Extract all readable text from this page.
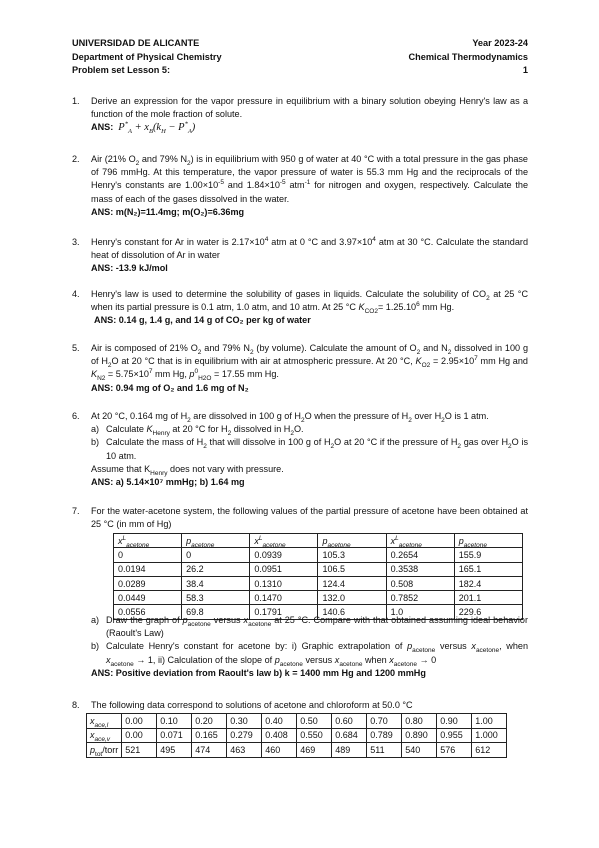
UNIVERSIDAD DE ALICANTE	Year 2023-24
Department of Physical Chemistry	Chemical Thermodynamics
Problem set Lesson 5:	1
1. Derive an expression for the vapor pressure in equilibrium with a binary solution obeying Henry's law as a function of the mole fraction of solute.
ANS: $P^*_A + x_B(k_H - P^*_A)$
2. Air (21% $O_2$ and 79% $N_2$) is in equilibrium with 950 g of water at 40 °C with a total pressure in the gas phase of 796 mmHg. At this temperature, the vapor pressure of water is 55.3 mm Hg and the reciprocals of the Henry's constants are $1.00\times 10^{-5}$ and $1.84\times 10^{-5}$ atm$^{-1}$ for nitrogen and oxygen, respectively. Calculate the mass of each of the gases dissolved in the water.
ANS: m(N₂)=11.4mg; m(O₂)=6.36mg
3. Henry's constant for Ar in water is $2.17\times 10^4$ atm at 0 °C and $3.97\times 10^4$ atm at 30 °C. Calculate the standard heat of dissolution of Ar in water
ANS: -13.9 kJ/mol
4. Henry's law is used to determine the solubility of gases in liquids. Calculate the solubility of $CO_2$ at 25 °C when its partial pressure is 0.1 atm, 1.0 atm, and 10 atm. At 25 °C $K_{CO2}= 1.25.10^6$ mm Hg.
ANS: 0.14 g, 1.4 g, and 14 g of CO₂ per kg of water
5. Air is composed of 21% $O_2$ and 79% $N_2$ (by volume). Calculate the amount of $O_2$ and $N_2$ dissolved in 100 g of $H_2O$ at 20 °C that is in equilibrium with air at atmospheric pressure. At 20 °C, $K_{O2} = 2.95\times 10^7$ mm Hg and $K_{N2} = 5.75\times 10^7$ mm Hg, $p^0_{H2O} = 17.55$ mm Hg.
ANS: 0.94 mg of O₂ and 1.6 mg of N₂
6. At 20 °C, 0.164 mg of $H_2$ are dissolved in 100 g of $H_2O$ when the pressure of $H_2$ over $H_2O$ is 1 atm.
a) Calculate $K_{Henry}$ at 20 °C for $H_2$ dissolved in $H_2O$.
b) Calculate the mass of $H_2$ that will dissolve in 100 g of $H_2O$ at 20 °C if the pressure of $H_2$ gas over $H_2O$ is 10 atm.
Assume that $K_{Henry}$ does not vary with pressure.
ANS: a) 5.14×10⁷ mmHg; b) 1.64 mg
7. For the water-acetone system, the following values of the partial pressure of acetone have been obtained at 25 °C (in mm of Hg)
$x^L_{acetone}$	$p_{acetone}$	$x^L_{acetone}$	$p_{acetone}$	$x^L_{acetone}$	$p_{acetone}$
0	0	0.0939	105.3	0.2654	155.9
0.0194	26.2	0.0951	106.5	0.3538	165.1
0.0289	38.4	0.1310	124.4	0.508	182.4
0.0449	58.3	0.1470	132.0	0.7852	201.1
0.0556	69.8	0.1791	140.6	1.0	229.6
a) Draw the graph of $p_{acetone}$ versus $x_{acetone}$ at 25 °C. Compare with that obtained assuming ideal behavior (Raoult's Law)
b) Calculate Henry's constant for acetone by: i) Graphic extrapolation of $p_{acetone}$ versus $x_{acetone}$, when $x_{acetone} \to 1$, ii) Calculation of the slope of $p_{acetone}$ versus $x_{acetone}$ when $x_{acetone} \to 0$
ANS: Positive deviation from Raoult's law b) k = 1400 mm Hg and 1200 mmHg
8. The following data correspond to solutions of acetone and chloroform at 50.0 °C
$x_{ace,l}$	0.00	0.10	0.20	0.30	0.40	0.50	0.60	0.70	0.80	0.90	1.00
$x_{ace,v}$	0.00	0.071	0.165	0.279	0.408	0.550	0.684	0.789	0.890	0.955	1.000
$p_{tot}$/torr	521	495	474	463	460	469	489	511	540	576	612
